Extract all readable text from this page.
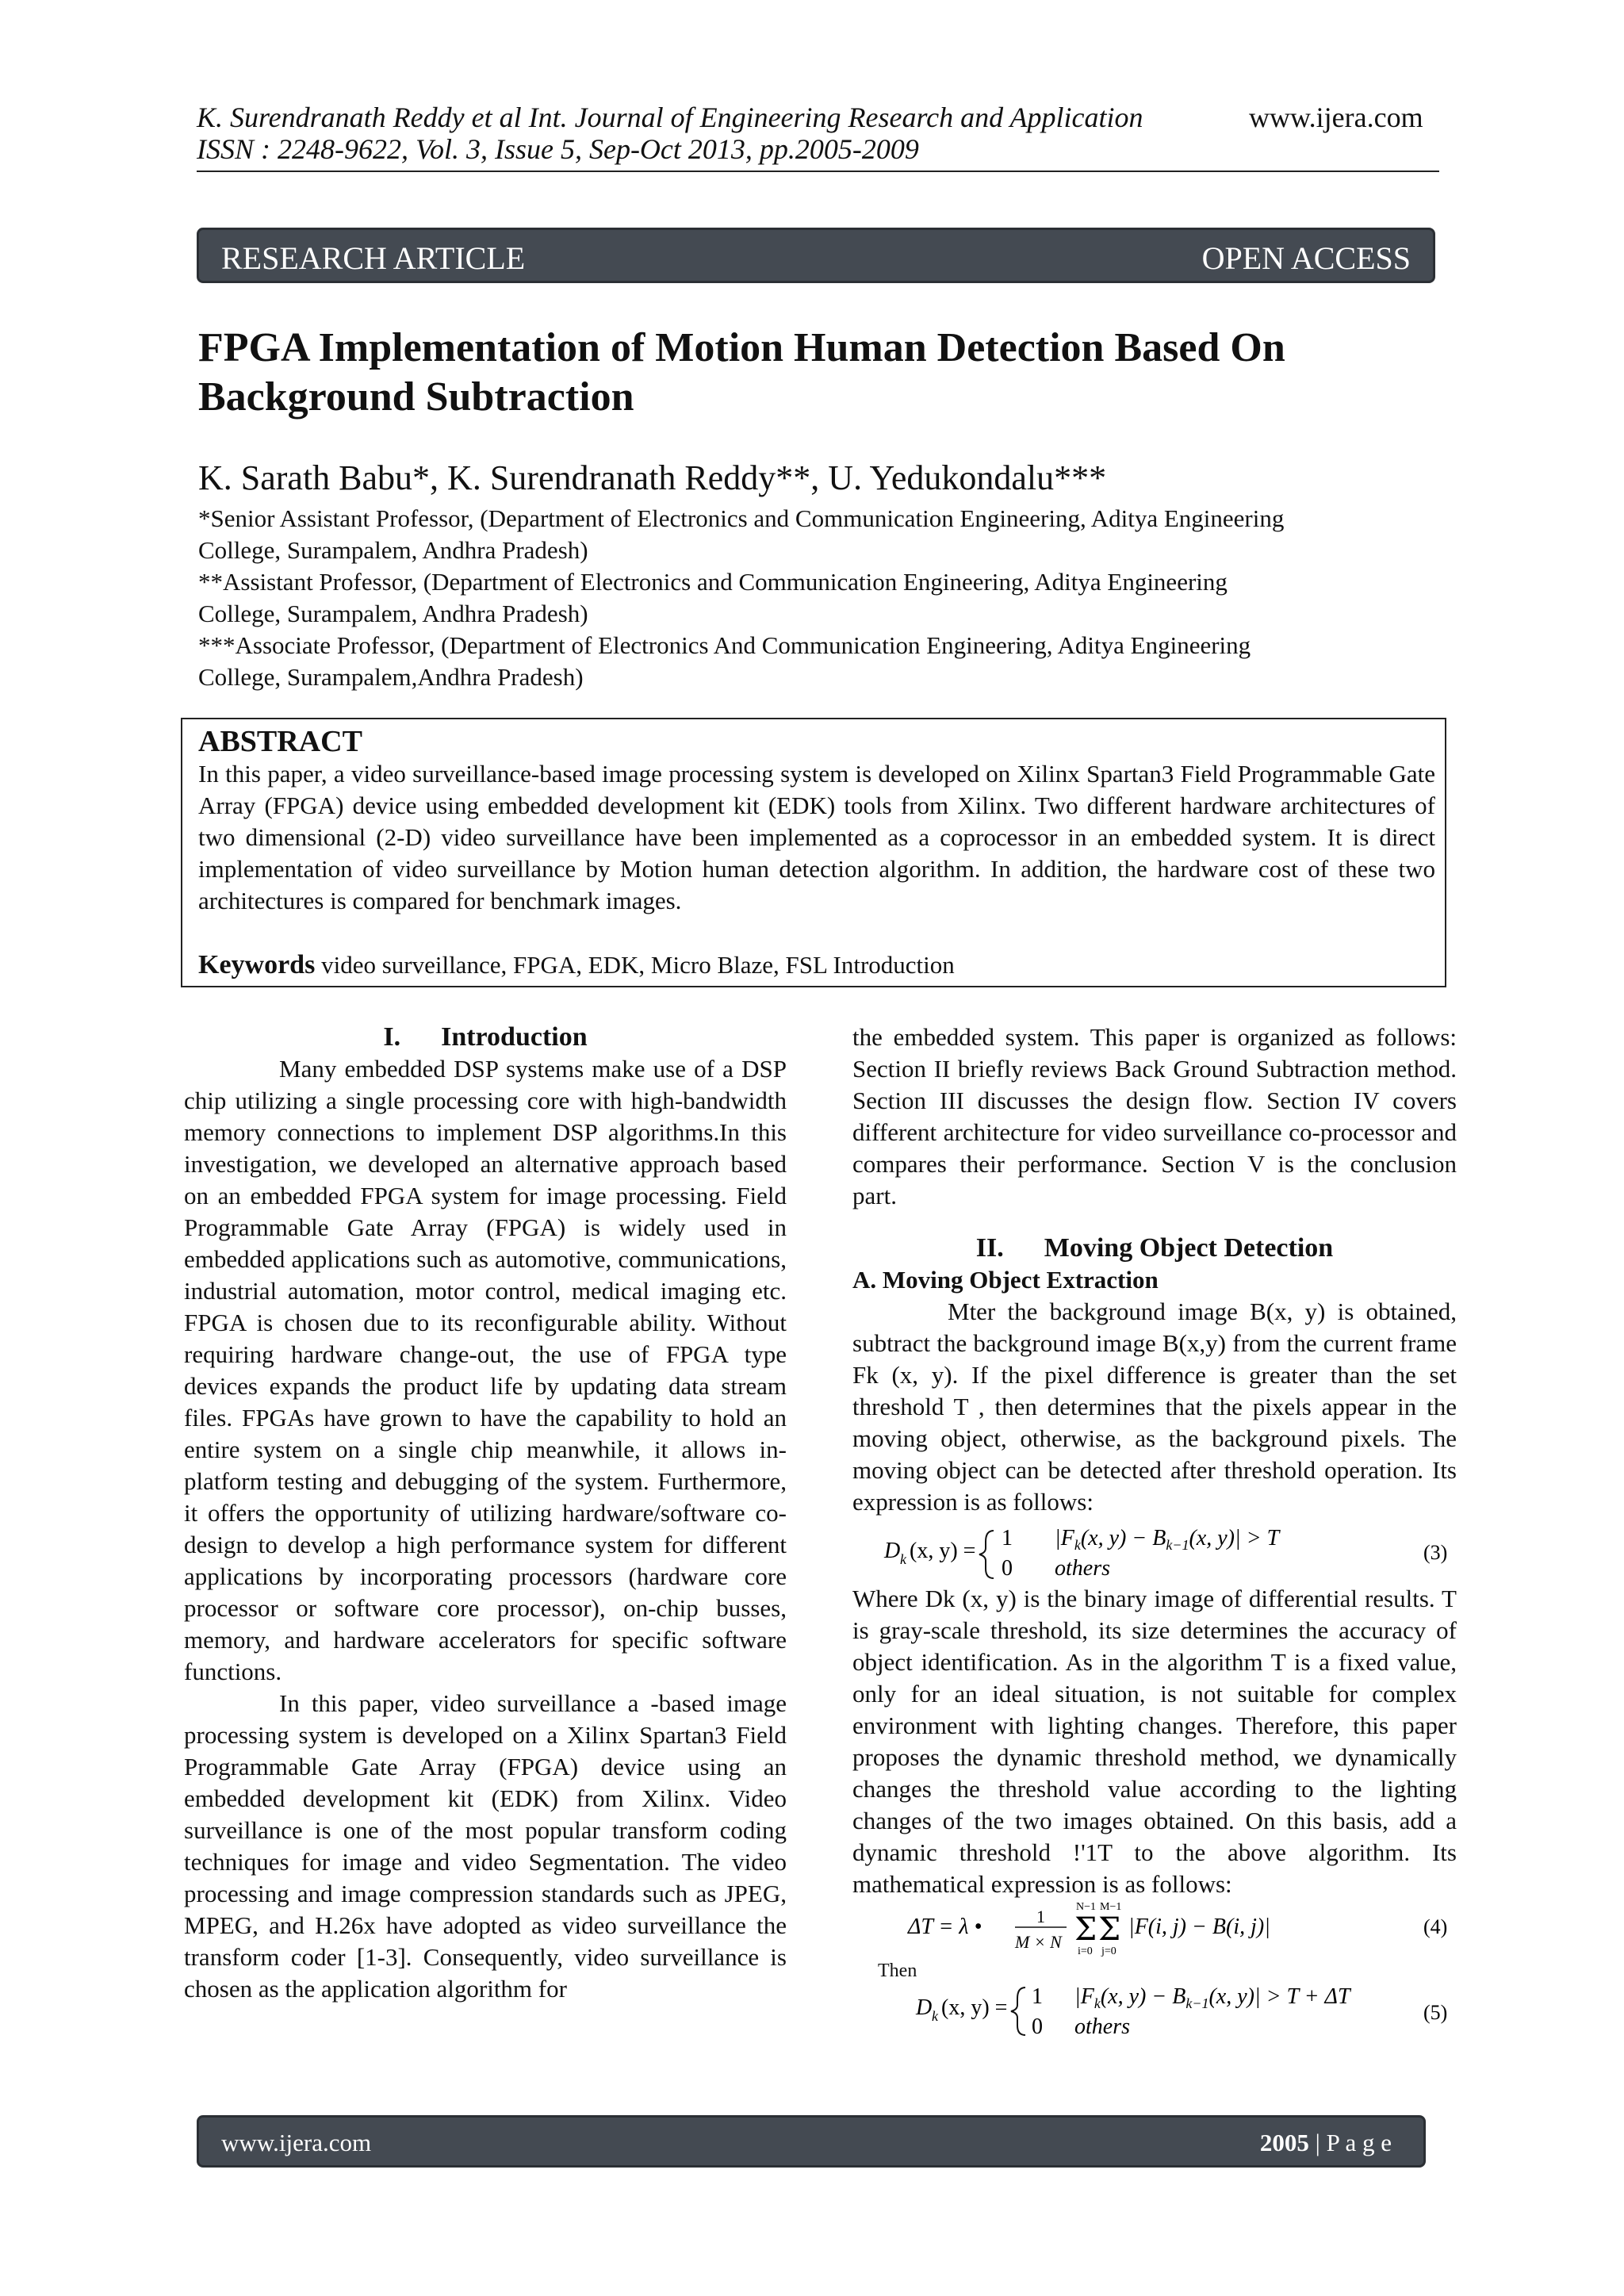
K. Surendranath Reddy et al Int. Journal of Engineering Research and Application	www.ijera.com
ISSN : 2248-9622, Vol. 3, Issue 5, Sep-Oct 2013, pp.2005-2009
RESEARCH ARTICLE	OPEN ACCESS
FPGA Implementation of Motion Human Detection Based On
Background Subtraction
K. Sarath Babu*, K. Surendranath Reddy**, U. Yedukondalu***
*Senior Assistant Professor, (Department of Electronics and Communication Engineering, Aditya Engineering
College, Surampalem, Andhra Pradesh)
**Assistant Professor, (Department of Electronics and Communication Engineering, Aditya Engineering
College, Surampalem, Andhra Pradesh)
***Associate Professor, (Department of Electronics And Communication Engineering, Aditya Engineering
College, Surampalem,Andhra Pradesh)
ABSTRACT
In this paper, a video surveillance-based image processing system is developed on Xilinx Spartan3 Field Programmable Gate Array (FPGA) device using embedded development kit (EDK) tools from Xilinx. Two different hardware architectures of two dimensional (2-D) video surveillance have been implemented as a coprocessor in an embedded system. It is direct implementation of video surveillance by Motion human detection algorithm. In addition, the hardware cost of these two architectures is compared for benchmark images.
Keywords video surveillance, FPGA, EDK, Micro Blaze, FSL Introduction
I.      Introduction

Many embedded DSP systems make use of a DSP chip utilizing a single processing core with high-bandwidth memory connections to implement DSP algorithms.In this investigation, we developed an alternative approach based on an embedded FPGA system for image processing. Field Programmable Gate Array (FPGA) is widely used in embedded applications such as automotive, communications, industrial automation, motor control, medical imaging etc. FPGA is chosen due to its reconfigurable ability. Without requiring hardware change-out, the use of FPGA type devices expands the product life by updating data stream files. FPGAs have grown to have the capability to hold an entire system on a single chip meanwhile, it allows in-platform testing and debugging of the system. Furthermore, it offers the opportunity of utilizing hardware/software co-design to develop a high performance system for different applications by incorporating processors (hardware core processor or software core processor), on-chip busses, memory, and hardware accelerators for specific software functions.

In this paper, video surveillance a -based image processing system is developed on a Xilinx Spartan3 Field Programmable Gate Array (FPGA) device using an embedded development kit (EDK) from Xilinx. Video surveillance is one of the most popular transform coding techniques for image and video Segmentation. The video processing and image compression standards such as JPEG, MPEG, and H.26x have adopted as video surveillance the transform coder [1-3]. Consequently, video surveillance is chosen as the application algorithm for

the embedded system. This paper is organized as follows: Section II briefly reviews Back Ground Subtraction method. Section III discusses the design flow. Section IV covers different architecture for video surveillance co-processor and compares their performance. Section V is the conclusion part.

II.      Moving Object Detection
A. Moving Object Extraction

Mter the background image B(x, y) is obtained, subtract the background image B(x,y) from the current frame Fk (x, y). If the pixel difference is greater than the set threshold T , then determines that the pixels appear in the moving object, otherwise, as the background pixels. The moving object can be detected after threshold operation. Its expression is as follows:

D k (x, y) =
1 $|F_k(x$, $y) - B_{k-1}(x$, y)| > T
0 others
(3)

Where Dk (x, y) is the binary image of differential results. T is gray-scale threshold, its size determines the accuracy of object identification. As in the algorithm T is a fixed value, only for an ideal situation, is not suitable for complex environment with lighting changes. Therefore, this paper proposes the dynamic threshold method, we dynamically changes the threshold value according to the lighting changes of the two images obtained. On this basis, add a dynamic threshold !'1T to the above algorithm. Its mathematical expression is as follows:

ΔT = λ •	1
M × N Σ Σ
N−1 M−1
i=0 j=0
|F(i, j) − B(i, j)|	(4)
Then
D k (x, y) = 1 $|F_k(x$, $y) - B_{k-1}(x$, y)| > T + ΔT
0 others
(5)
www.ijera.com	2005 | P a g e
